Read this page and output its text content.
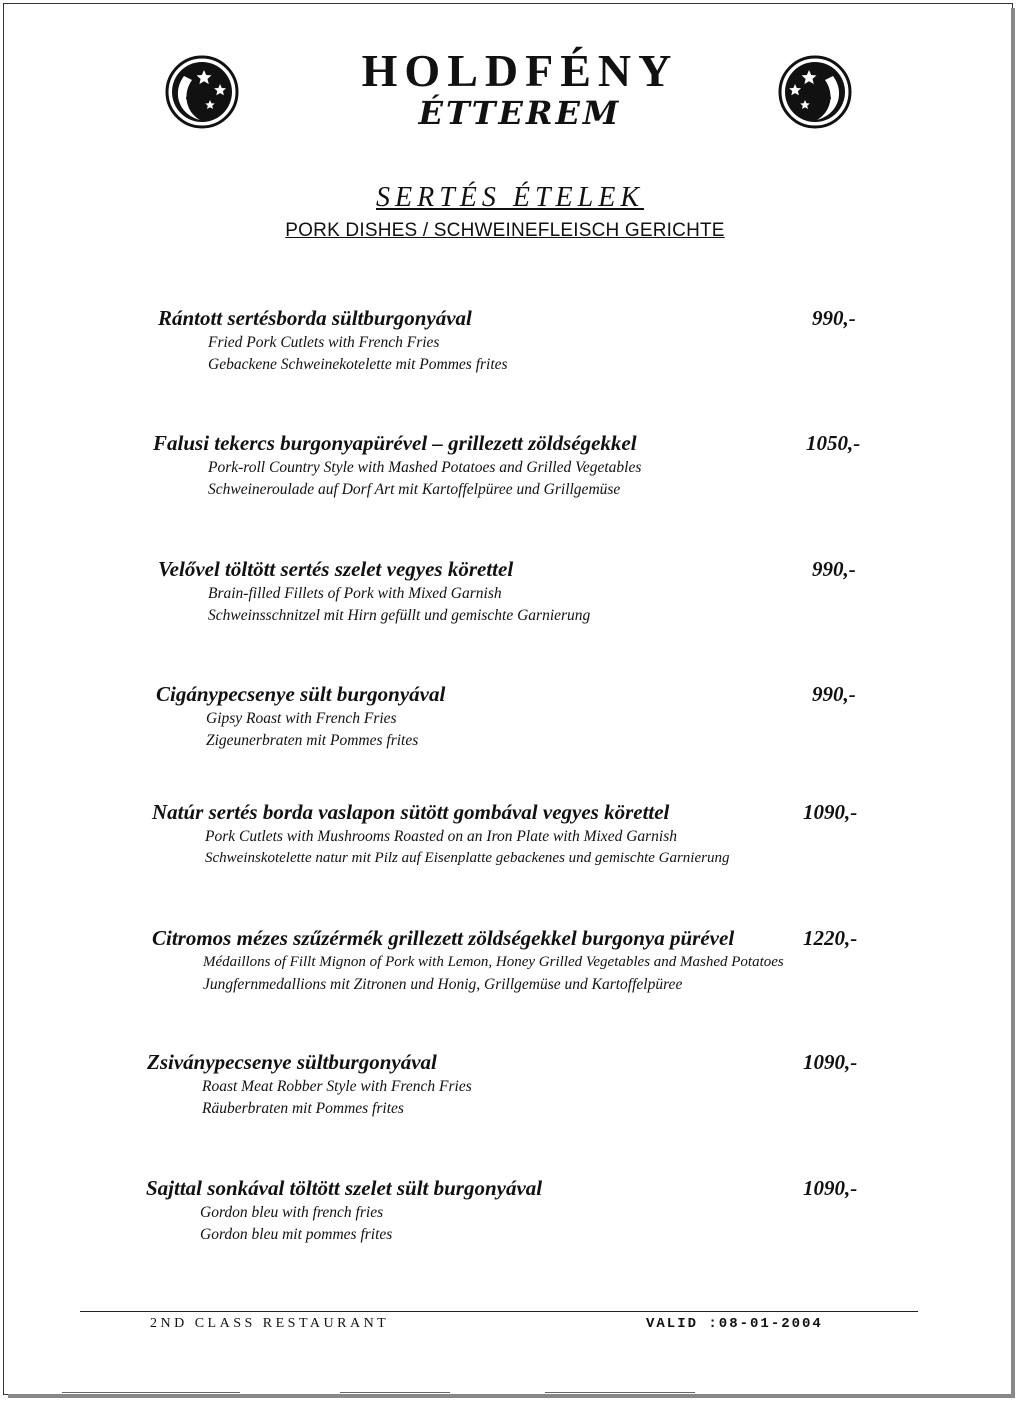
HOLDFÉNY
ÉTTEREM
SERTÉS ÉTELEK
PORK DISHES / SCHWEINEFLEISCH GERICHTE
Rántott sertésborda sültburgonyával	990,-
Fried Pork Cutlets with French Fries
Gebackene Schweinekotelette mit Pommes frites
Falusi tekercs burgonyapürével – grillezett zöldségekkel	1050,-
Pork-roll Country Style with Mashed Potatoes and Grilled Vegetables
Schweineroulade auf Dorf Art mit Kartoffelpüree und Grillgemüse
Velővel töltött sertés szelet vegyes körettel	990,-
Brain-filled Fillets of Pork with Mixed Garnish
Schweinsschnitzel mit Hirn gefüllt und gemischte Garnierung
Cigánypecsenye sült burgonyával	990,-
Gipsy Roast with French Fries
Zigeunerbraten mit Pommes frites
Natúr sertés borda vaslapon sütött gombával vegyes körettel	1090,-
Pork Cutlets with Mushrooms Roasted on an Iron Plate with Mixed Garnish
Schweinskotelette natur mit Pilz auf Eisenplatte gebackenes und gemischte Garnierung
Citromos mézes szűzérmék grillezett zöldségekkel burgonya pürével	1220,-
Médaillons of Fillt Mignon of Pork with Lemon, Honey Grilled Vegetables and Mashed Potatoes
Jungfernmedallions mit Zitronen und Honig, Grillgemüse und Kartoffelpüree
Zsiványpecsenye sültburgonyával	1090,-
Roast Meat Robber Style with French Fries
Räuberbraten mit Pommes frites
Sajttal sonkával töltött szelet sült burgonyával	1090,-
Gordon bleu with french fries
Gordon bleu mit pommes frites
2ND CLASS RESTAURANT	VALID :08-01-2004
